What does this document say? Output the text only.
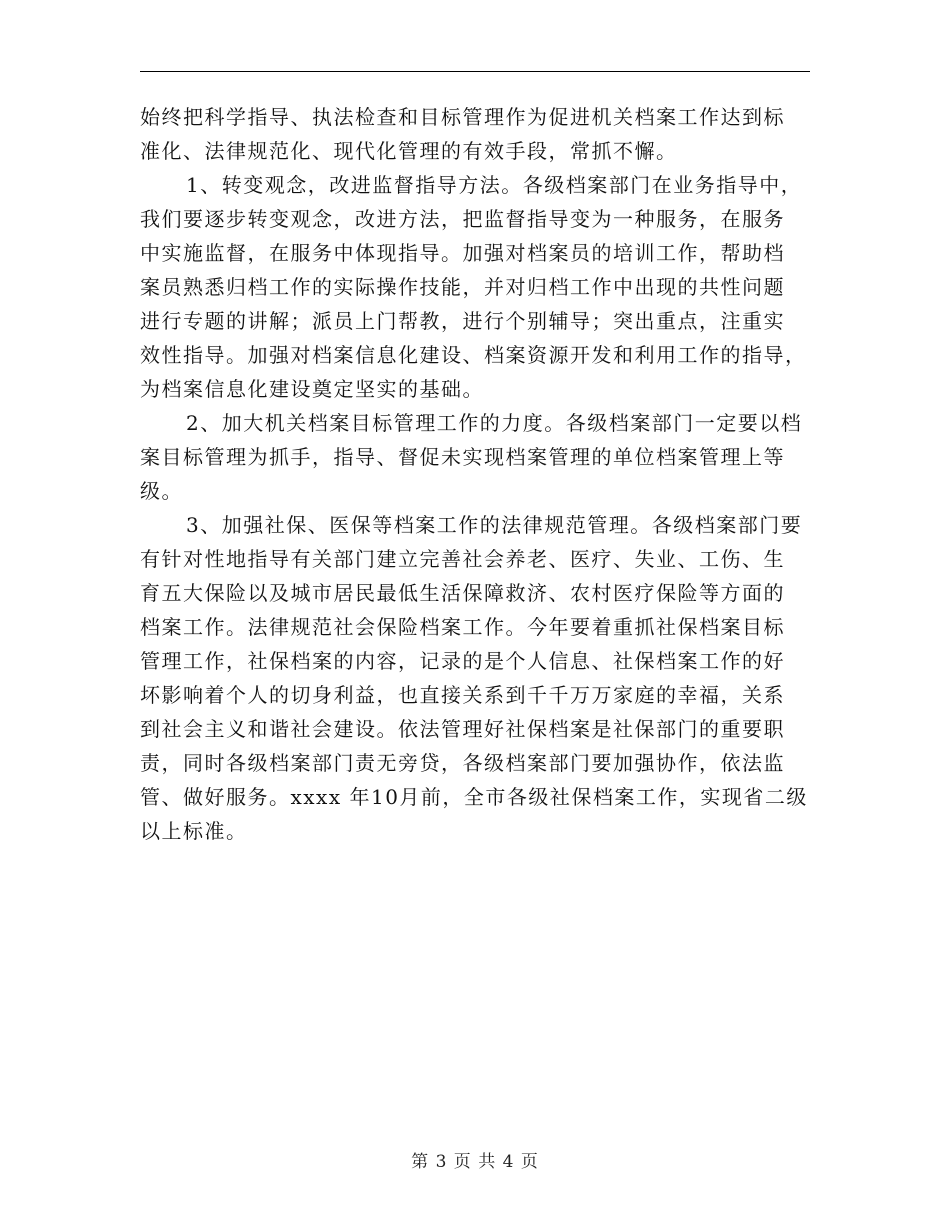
始终把科学指导、执法检查和目标管理作为促进机关档案工作达到标
准化、法律规范化、现代化管理的有效手段，常抓不懈。
1、转变观念，改进监督指导方法。各级档案部门在业务指导中，
我们要逐步转变观念，改进方法，把监督指导变为一种服务，在服务
中实施监督，在服务中体现指导。加强对档案员的培训工作，帮助档
案员熟悉归档工作的实际操作技能，并对归档工作中出现的共性问题
进行专题的讲解；派员上门帮教，进行个别辅导；突出重点，注重实
效性指导。加强对档案信息化建设、档案资源开发和利用工作的指导，
为档案信息化建设奠定坚实的基础。
2、加大机关档案目标管理工作的力度。各级档案部门一定要以档
案目标管理为抓手，指导、督促未实现档案管理的单位档案管理上等
级。
3、加强社保、医保等档案工作的法律规范管理。各级档案部门要
有针对性地指导有关部门建立完善社会养老、医疗、失业、工伤、生
育五大保险以及城市居民最低生活保障救济、农村医疗保险等方面的
档案工作。法律规范社会保险档案工作。今年要着重抓社保档案目标
管理工作，社保档案的内容，记录的是个人信息、社保档案工作的好
坏影响着个人的切身利益，也直接关系到千千万万家庭的幸福，关系
到社会主义和谐社会建设。依法管理好社保档案是社保部门的重要职
责，同时各级档案部门责无旁贷，各级档案部门要加强协作，依法监
管、做好服务。xxxx 年10月前，全市各级社保档案工作，实现省二级
以上标准。
第 3 页 共 4 页
